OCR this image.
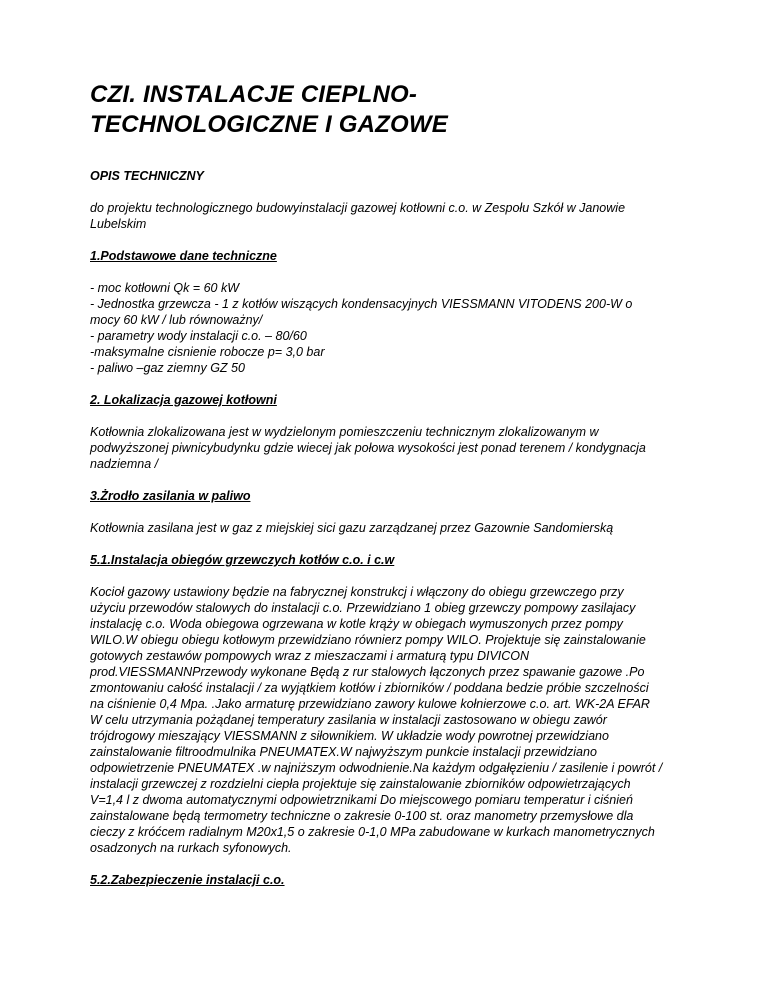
CZI. INSTALACJE CIEPLNO-
TECHNOLOGICZNE I GAZOWE
OPIS TECHNICZNY
do projektu technologicznego budowyinstalacji gazowej kotłowni c.o. w Zespołu Szkół w Janowie
Lubelskim
1.Podstawowe dane techniczne
- moc kotłowni Qk = 60 kW
- Jednostka grzewcza - 1 z kotłów wiszących kondensacyjnych VIESSMANN VITODENS 200-W o
mocy 60 kW / lub równoważny/
- parametry wody instalacji c.o. – 80/60
-maksymalne cisnienie robocze p= 3,0 bar
- paliwo –gaz ziemny GZ 50
2. Lokalizacja gazowej kotłowni
Kotłownia zlokalizowana jest w wydzielonym pomieszczeniu technicznym zlokalizowanym w
podwyższonej piwnicybudynku gdzie wiecej jak połowa wysokości jest ponad terenem / kondygnacja
nadziemna /
3.Żrodło zasilania w paliwo
Kotłownia zasilana jest w gaz z miejskiej sici gazu zarządzanej przez Gazownie Sandomierską
5.1.Instalacja obiegów grzewczych kotłów c.o. i c.w
Kocioł gazowy ustawiony będzie na fabrycznej konstrukcj i włączony do obiegu grzewczego przy
użyciu przewodów stalowych do instalacji c.o. Przewidziano 1 obieg grzewczy pompowy zasilajacy
instalację c.o. Woda obiegowa ogrzewana w kotle krąży w obiegach wymuszonych przez pompy
WILO.W obiegu obiegu kotłowym przewidziano równierz pompy WILO. Projektuje się zainstalowanie
gotowych zestawów pompowych wraz z mieszaczami i armaturą typu DIVICON
prod.VIESSMANNPrzewody wykonane Będą z rur stalowych łączonych przez spawanie gazowe .Po
zmontowaniu całość instalacji / za wyjątkiem kotłów i zbiorników / poddana bedzie próbie szczelności
na ciśnienie 0,4 Mpa. .Jako armaturę przewidziano zawory kulowe kołnierzowe c.o. art. WK-2A EFAR
W celu utrzymania pożądanej temperatury zasilania w instalacji zastosowano w obiegu zawór
trójdrogowy mieszający VIESSMANN z siłownikiem. W układzie wody powrotnej przewidziano
zainstalowanie filtroodmulnika PNEUMATEX.W najwyższym punkcie instalacji przewidziano
odpowietrzenie PNEUMATEX .w najniższym odwodnienie.Na każdym odgałęzieniu / zasilenie i powrót /
instalacji grzewczej z rozdzielni ciepła projektuje się zainstalowanie zbiorników odpowietrzających
V=1,4 l z dwoma automatycznymi odpowietrznikami Do miejscowego pomiaru temperatur i ciśnień
zainstalowane będą termometry techniczne o zakresie 0-100 st. oraz manometry przemysłowe dla
cieczy z króćcem radialnym M20x1,5 o zakresie 0-1,0 MPa zabudowane w kurkach manometrycznych
osadzonych na rurkach syfonowych.
5.2.Zabezpieczenie instalacji c.o.
